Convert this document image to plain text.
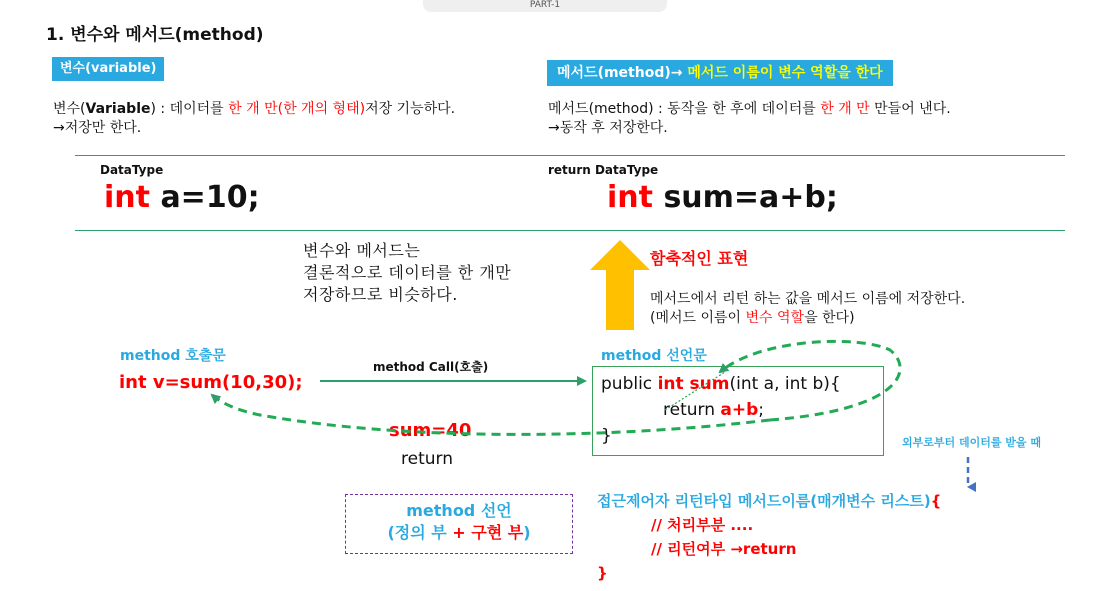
PART-1
1. 변수와 메서드(method)
변수(variable)	메서드(method)→ 메서드 이름이 변수 역할을 한다
변수(Variable) : 데이터를 한 개 만(한 개의 형태)저장 기능하다.
→저장만 한다.
메서드(method) : 동작을 한 후에 데이터를 한 개 만 만들어 낸다.
→동작 후 저장한다.
DataType
int a=10;
return DataType
int sum=a+b;
변수와 메서드는
결론적으로 데이터를 한 개만
저장하므로 비슷하다.
함축적인 표현
메서드에서 리턴 하는 값을 메서드 이름에 저장한다.
(메서드 이름이 변수 역할을 한다)
method 호출문
int v=sum(10,30);
method Call(호출)
sum=40
return
method 선언문
public int sum(int a, int b){
return a+b;
}	외부로부터 데이터를 받을 때
method 선언
(정의 부 + 구현 부)
접근제어자 리턴타입 메서드이름(매개변수 리스트){
// 처리부분 ....
// 리턴여부 →return
}
